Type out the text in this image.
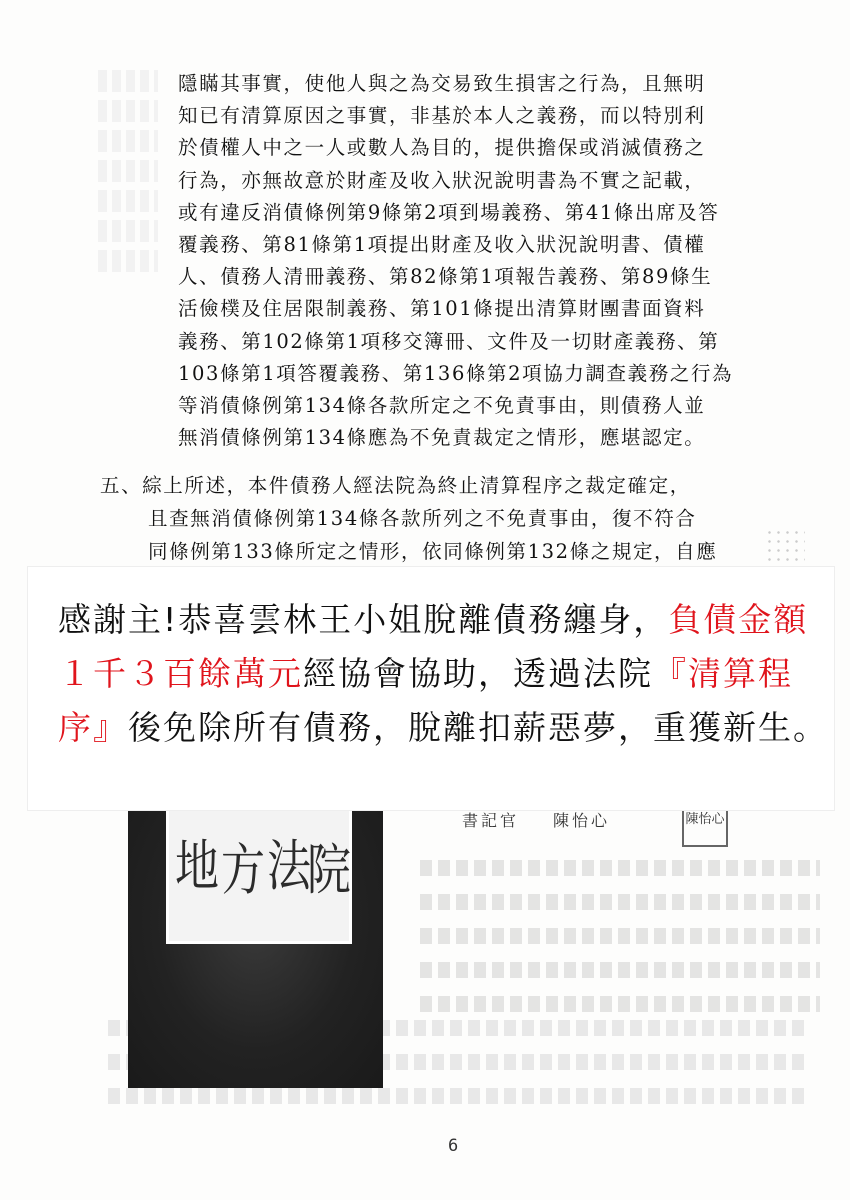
隱瞞其事實，使他人與之為交易致生損害之行為，且無明
知已有清算原因之事實，非基於本人之義務，而以特別利
於債權人中之一人或數人為目的，提供擔保或消滅債務之
行為，亦無故意於財產及收入狀況說明書為不實之記載，
或有違反消債條例第9條第2項到場義務、第41條出席及答
覆義務、第81條第1項提出財產及收入狀況說明書、債權
人、債務人清冊義務、第82條第1項報告義務、第89條生
活儉樸及住居限制義務、第101條提出清算財團書面資料
義務、第102條第1項移交簿冊、文件及一切財產義務、第
103條第1項答覆義務、第136條第2項協力調查義務之行為
等消債條例第134條各款所定之不免責事由，則債務人並
無消債條例第134條應為不免責裁定之情形，應堪認定。
五、綜上所述，本件債務人經法院為終止清算程序之裁定確定，
且查無消債條例第134條各款所列之不免責事由，復不符合
同條例第133條所定之情形，依同條例第132條之規定，自應
地 方 法
院
書記官 陳怡心	陳怡心
感謝主!恭喜雲林王小姐脫離債務纏身，負債金額１千３百餘萬元經協會協助，透過法院『清算程序』後免除所有債務，脫離扣薪惡夢，重獲新生。
6
